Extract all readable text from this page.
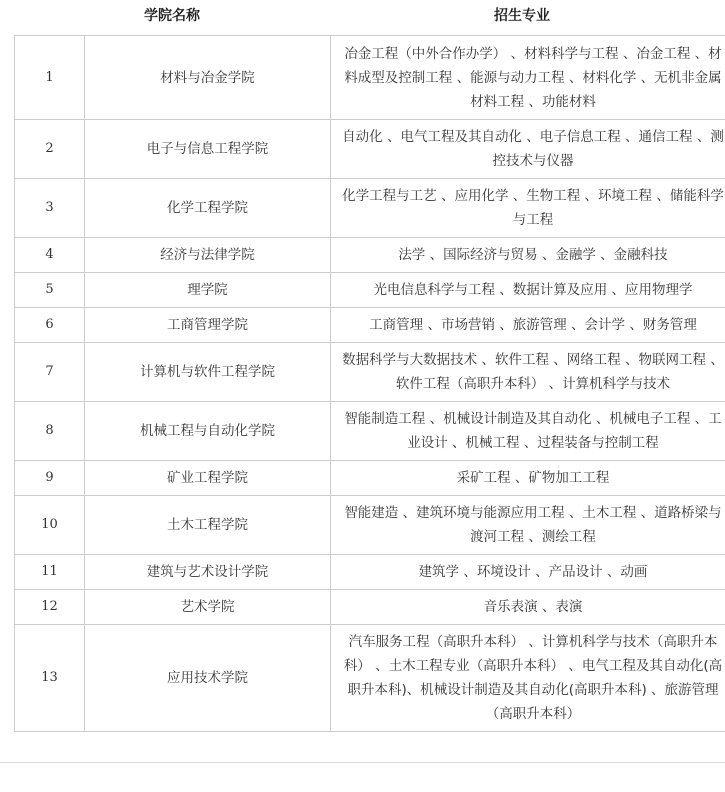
学院名称	招生专业
1	材料与冶金学院	冶金工程（中外合作办学） 、材料科学与工程 、冶金工程 、材料成型及控制工程 、能源与动力工程 、材料化学 、无机非金属材料工程 、功能材料
2	电子与信息工程学院	自动化 、电气工程及其自动化 、电子信息工程 、通信工程 、测控技术与仪器
3	化学工程学院	化学工程与工艺 、应用化学 、生物工程 、环境工程 、储能科学与工程
4	经济与法律学院	法学 、国际经济与贸易 、金融学 、金融科技
5	理学院	光电信息科学与工程 、数据计算及应用 、应用物理学
6	工商管理学院	工商管理 、市场营销 、旅游管理 、会计学 、财务管理
7	计算机与软件工程学院	数据科学与大数据技术 、软件工程 、网络工程 、物联网工程 、软件工程（高职升本科） 、计算机科学与技术
8	机械工程与自动化学院	智能制造工程 、机械设计制造及其自动化 、机械电子工程 、工业设计 、机械工程 、过程装备与控制工程
9	矿业工程学院	采矿工程 、矿物加工工程
10	土木工程学院	智能建造 、建筑环境与能源应用工程 、土木工程 、道路桥梁与渡河工程 、测绘工程
11	建筑与艺术设计学院	建筑学 、环境设计 、产品设计 、动画
12	艺术学院	音乐表演 、表演
13	应用技术学院	汽车服务工程（高职升本科） 、计算机科学与技术（高职升本科） 、土木工程专业（高职升本科） 、电气工程及其自动化(高职升本科)、机械设计制造及其自动化(高职升本科) 、旅游管理（高职升本科）
